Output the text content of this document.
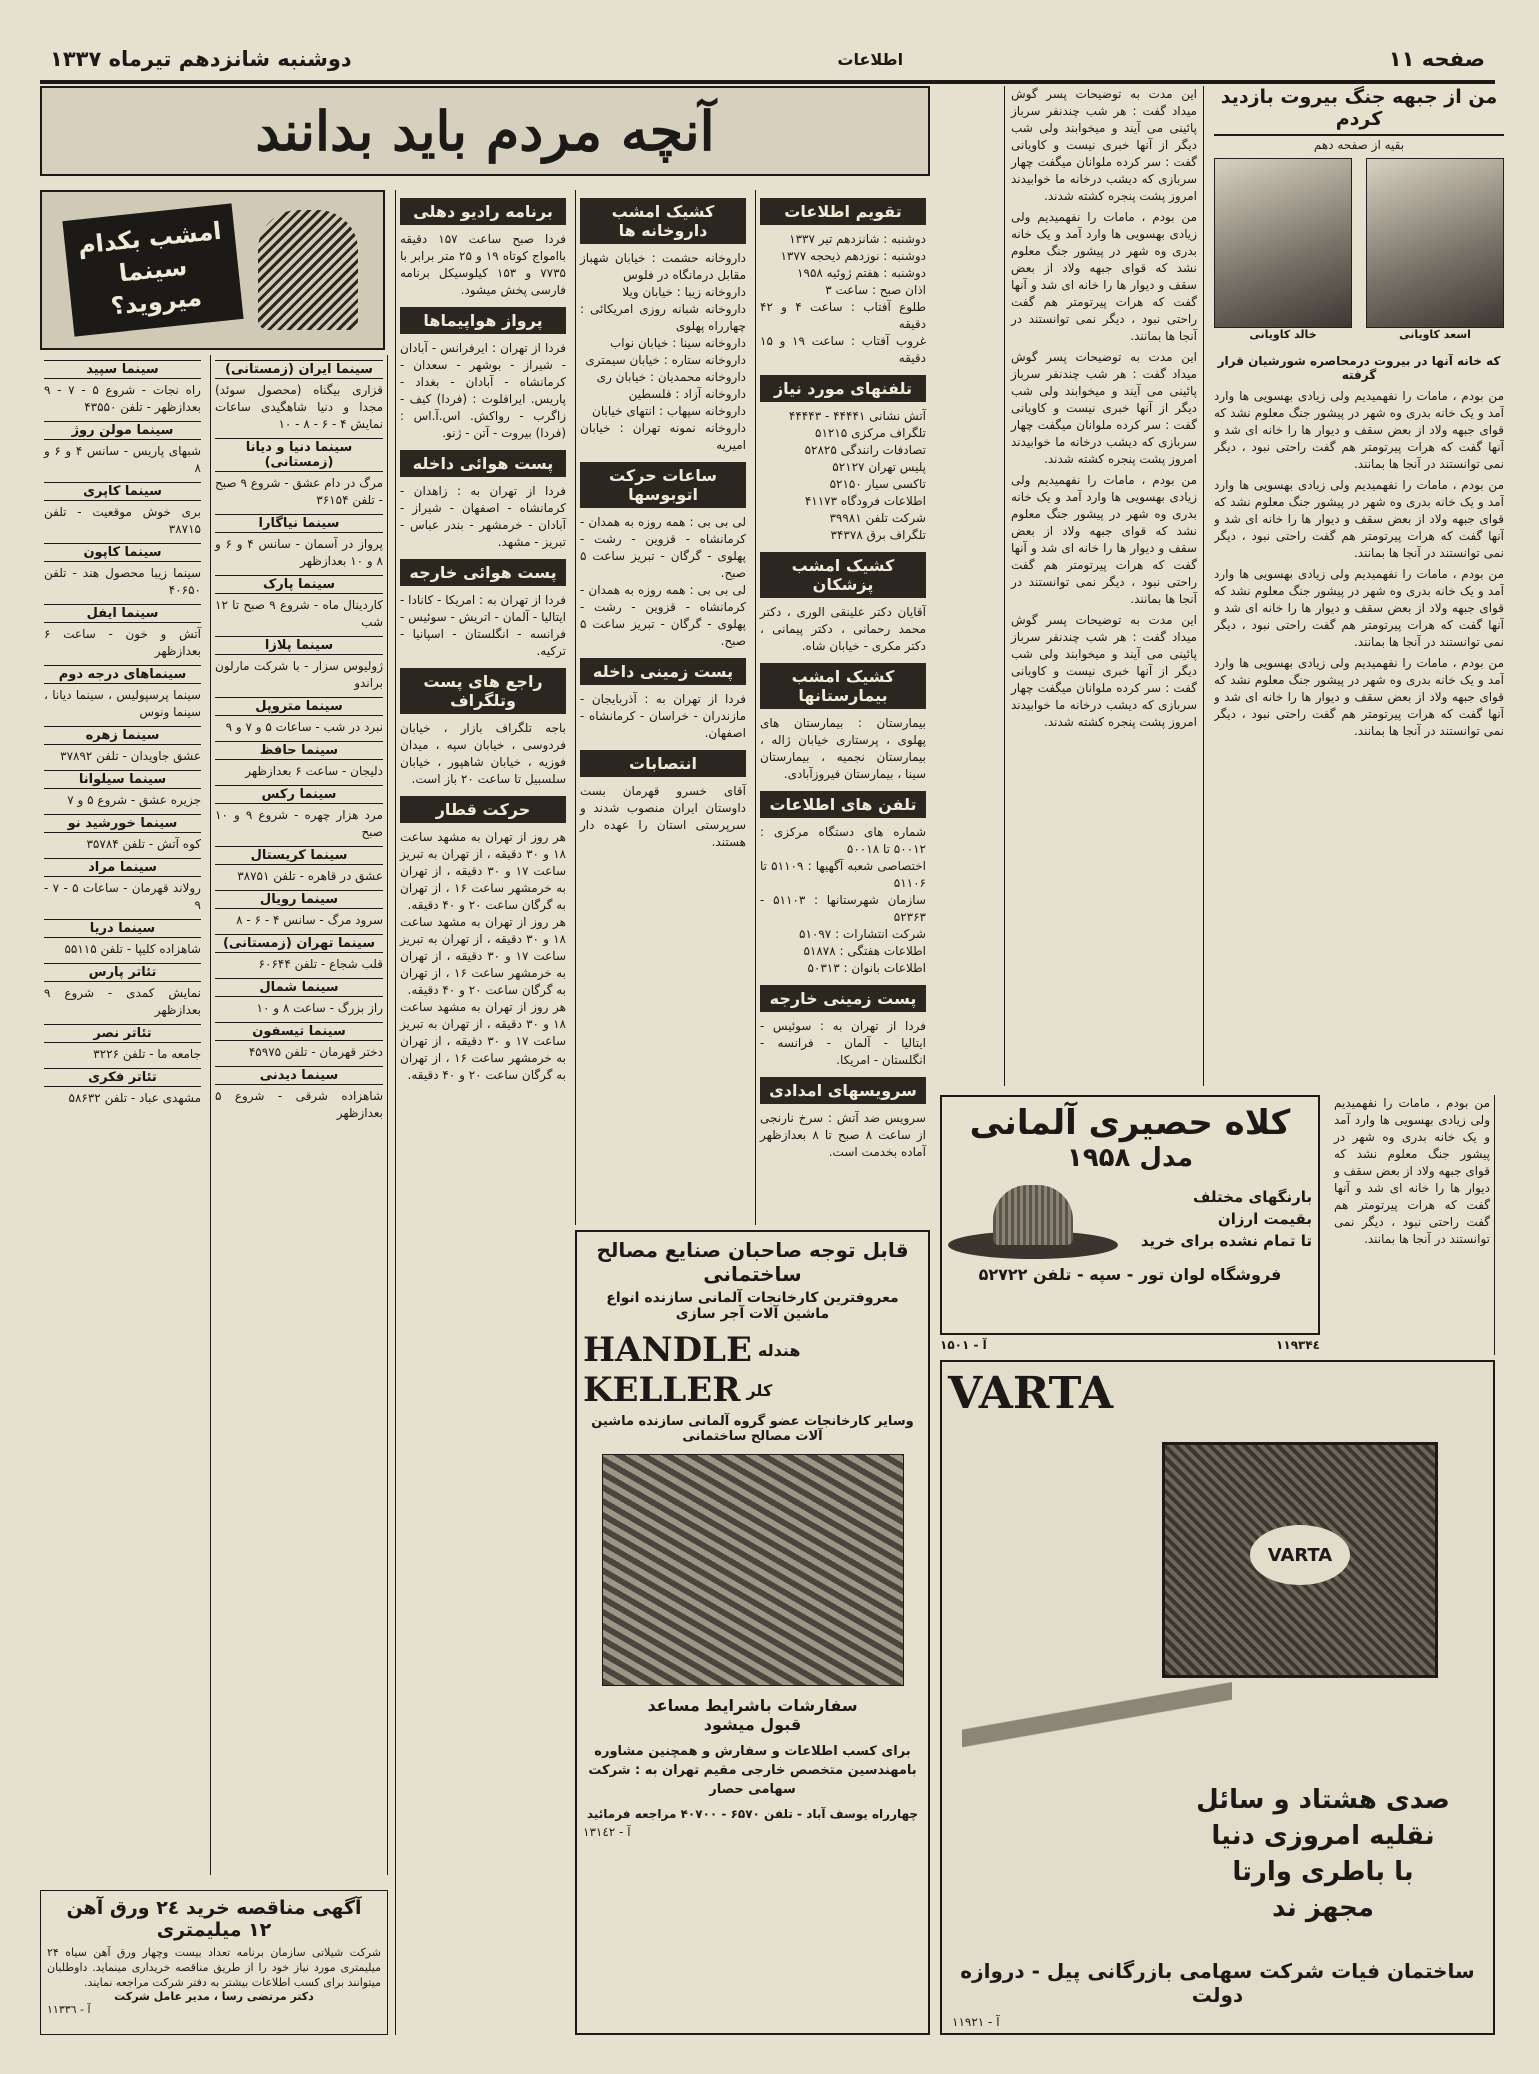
صفحه ۱۱
اطلاعات
دوشنبه شانزدهم تیرماه ۱۳۳۷
من از جبهه جنگ بیروت بازدید کردم
بقیه از صفحه دهم
اسعد کاویانی
خالد کاویانی
که خانه آنها در بیروت درمحاصره شورشیان قرار گرفته
من بودم ، مامات را نفهمیدیم ولی زیادی بهسویی ها وارد آمد و یک خانه بدری وه شهر در پیشور جنگ معلوم نشد که قوای جبهه ولاد از بعض سقف و دیوار ها را خانه ای شد و آنها گفت که هرات پیرتومتر هم گفت راحتی نبود ، دیگر نمی توانستند در آنجا ها بمانند.
من بودم ، مامات را نفهمیدیم ولی زیادی بهسویی ها وارد آمد و یک خانه بدری وه شهر در پیشور جنگ معلوم نشد که قوای جبهه ولاد از بعض سقف و دیوار ها را خانه ای شد و آنها گفت که هرات پیرتومتر هم گفت راحتی نبود ، دیگر نمی توانستند در آنجا ها بمانند.
من بودم ، مامات را نفهمیدیم ولی زیادی بهسویی ها وارد آمد و یک خانه بدری وه شهر در پیشور جنگ معلوم نشد که قوای جبهه ولاد از بعض سقف و دیوار ها را خانه ای شد و آنها گفت که هرات پیرتومتر هم گفت راحتی نبود ، دیگر نمی توانستند در آنجا ها بمانند.
من بودم ، مامات را نفهمیدیم ولی زیادی بهسویی ها وارد آمد و یک خانه بدری وه شهر در پیشور جنگ معلوم نشد که قوای جبهه ولاد از بعض سقف و دیوار ها را خانه ای شد و آنها گفت که هرات پیرتومتر هم گفت راحتی نبود ، دیگر نمی توانستند در آنجا ها بمانند.
این مدت به توضیحات پسر گوش میداد گفت : هر شب چندنفر سرباز پائینی می آیند و میخوابند ولی شب دیگر از آنها خبری نیست و کاویانی گفت : سر کرده ملوانان میگفت چهار سربازی که دیشب درخانه ما خوابیدند امروز پشت پنجره کشته شدند.
من بودم ، مامات را نفهمیدیم ولی زیادی بهسویی ها وارد آمد و یک خانه بدری وه شهر در پیشور جنگ معلوم نشد که قوای جبهه ولاد از بعض سقف و دیوار ها را خانه ای شد و آنها گفت که هرات پیرتومتر هم گفت راحتی نبود ، دیگر نمی توانستند در آنجا ها بمانند.
این مدت به توضیحات پسر گوش میداد گفت : هر شب چندنفر سرباز پائینی می آیند و میخوابند ولی شب دیگر از آنها خبری نیست و کاویانی گفت : سر کرده ملوانان میگفت چهار سربازی که دیشب درخانه ما خوابیدند امروز پشت پنجره کشته شدند.
من بودم ، مامات را نفهمیدیم ولی زیادی بهسویی ها وارد آمد و یک خانه بدری وه شهر در پیشور جنگ معلوم نشد که قوای جبهه ولاد از بعض سقف و دیوار ها را خانه ای شد و آنها گفت که هرات پیرتومتر هم گفت راحتی نبود ، دیگر نمی توانستند در آنجا ها بمانند.
این مدت به توضیحات پسر گوش میداد گفت : هر شب چندنفر سرباز پائینی می آیند و میخوابند ولی شب دیگر از آنها خبری نیست و کاویانی گفت : سر کرده ملوانان میگفت چهار سربازی که دیشب درخانه ما خوابیدند امروز پشت پنجره کشته شدند.
آنچه مردم باید بدانند
امشب بکدام سینما میروید؟
سینما سپید
راه نجات - شروع ۵ - ۷ - ۹ بعدازظهر - تلفن ۴۳۵۵۰
سینما مولن روژ
شبهای پاریس - سانس ۴ و ۶ و ۸
سینما کاپری
بری خوش موقعیت - تلفن ۳۸۷۱۵
سینما کاپون
سینما زیبا محصول هند - تلفن ۴۰۶۵۰
سینما ایفل
آتش و خون - ساعت ۶ بعدازظهر
سینماهای درجه دوم
سینما پرسپولیس ، سینما دیانا ، سینما ونوس
سینما زهره
عشق جاویدان - تلفن ۳۷۸۹۲
سینما سیلوانا
جزیره عشق - شروع ۵ و ۷
سینما خورشید نو
کوه آتش - تلفن ۳۵۷۸۴
سینما مراد
رولاند قهرمان - ساعات ۵ - ۷ - ۹
سینما دریا
شاهزاده کلیپا - تلفن ۵۵۱۱۵
تئاتر پارس
نمایش کمدی - شروع ۹ بعدازظهر
تئاتر نصر
جامعه ما - تلفن ۳۲۲۶
تئاتر فکری
مشهدی عباد - تلفن ۵۸۶۳۲
سینما ایران (زمستانی)
قزاری بیگناه (محصول سوئد) مجدا و دنیا شاهگیدی ساعات نمایش ۴ - ۶ - ۸ - ۱۰
سینما دنیا و دیانا (زمستانی)
مرگ در دام عشق - شروع ۹ صبح - تلفن ۳۶۱۵۴
سینما نیاگارا
پرواز در آسمان - سانس ۴ و ۶ و ۸ و ۱۰ بعدازظهر
سینما پارک
کاردینال ماه - شروع ۹ صبح تا ۱۲ شب
سینما پلازا
ژولیوس سزار - با شرکت مارلون براندو
سینما متروپل
نبرد در شب - ساعات ۵ و ۷ و ۹
سینما حافظ
دلیجان - ساعت ۶ بعدازظهر
سینما رکس
مرد هزار چهره - شروع ۹ و ۱۰ صبح
سینما کریستال
عشق در قاهره - تلفن ۳۸۷۵۱
سینما رویال
سرود مرگ - سانس ۴ - ۶ - ۸
سینما تهران (زمستانی)
قلب شجاع - تلفن ۶۰۶۴۴
سینما شمال
راز بزرگ - ساعت ۸ و ۱۰
سینما تیسفون
دختر قهرمان - تلفن ۴۵۹۷۵
سینما دیدنی
شاهزاده شرقی - شروع ۵ بعدازظهر
آگهی مناقصه خرید ۲٤ ورق آهن
۱۲ میلیمتری
شرکت شیلاتی سازمان برنامه تعداد بیست وچهار ورق آهن سیاه ۲۴ میلیمتری مورد نیاز خود را از طریق مناقصه خریداری مینماید. داوطلبان میتوانند برای کسب اطلاعات بیشتر به دفتر شرکت مراجعه نمایند.
دکتر مرتضی رسا ، مدیر عامل شرکت
آ - ۱۱۳۳٦
برنامه رادیو دهلی
فردا صبح ساعت ۱۵۷ دقیقه باامواج کوتاه ۱۹ و ۲۵ متر برابر با ۷۷۳۵ و ۱۵۳ کیلوسیکل برنامه فارسی پخش میشود.
پرواز هواپیماها
فردا از تهران : ایرفرانس - آبادان - شیراز - بوشهر - سعدان - کرمانشاه - آبادان - بغداد - پاریس. ایرافلوت : (فردا) کیف - زاگرب - رواکش. اس.آ.اس : (فردا) بیروت - آتن - ژنو.
پست هوائی داخله
فردا از تهران به : زاهدان - کرمانشاه - اصفهان - شیراز - آبادان - خرمشهر - بندر عباس - تبریز - مشهد.
پست هوائی خارجه
فردا از تهران به : امریکا - کانادا - ایتالیا - آلمان - اتریش - سوئیس - فرانسه - انگلستان - اسپانیا - ترکیه.
راجع های پست وتلگراف
باجه تلگراف بازار ، خیابان فردوسی ، خیابان سپه ، میدان فوزیه ، خیابان شاهپور ، خیابان سلسبیل تا ساعت ۲۰ باز است.
حرکت قطار
هر روز از تهران به مشهد ساعت ۱۸ و ۳۰ دقیقه ، از تهران به تبریز ساعت ۱۷ و ۳۰ دقیقه ، از تهران به خرمشهر ساعت ۱۶ ، از تهران به گرگان ساعت ۲۰ و ۴۰ دقیقه.
هر روز از تهران به مشهد ساعت ۱۸ و ۳۰ دقیقه ، از تهران به تبریز ساعت ۱۷ و ۳۰ دقیقه ، از تهران به خرمشهر ساعت ۱۶ ، از تهران به گرگان ساعت ۲۰ و ۴۰ دقیقه.
هر روز از تهران به مشهد ساعت ۱۸ و ۳۰ دقیقه ، از تهران به تبریز ساعت ۱۷ و ۳۰ دقیقه ، از تهران به خرمشهر ساعت ۱۶ ، از تهران به گرگان ساعت ۲۰ و ۴۰ دقیقه.
کشیک امشب داروخانه ها
داروخانه حشمت : خیابان شهباز مقابل درمانگاه در فلوس
داروخانه زیبا : خیابان ویلا
داروخانه شبانه روزی امریکائی : چهارراه پهلوی
داروخانه سینا : خیابان نواب
داروخانه ستاره : خیابان سیمتری
داروخانه محمدیان : خیابان ری
داروخانه آزاد : فلسطین
داروخانه سپهاب : انتهای خیابان
داروخانه نمونه تهران : خیابان امیریه
ساعات حرکت اتوبوسها
لی بی بی : همه روزه به همدان - کرمانشاه - قزوین - رشت - پهلوی - گرگان - تبریز ساعت ۵ صبح.
لی بی بی : همه روزه به همدان - کرمانشاه - قزوین - رشت - پهلوی - گرگان - تبریز ساعت ۵ صبح.
پست زمینی داخله
فردا از تهران به : آذربایجان - مازندران - خراسان - کرمانشاه - اصفهان.
انتصابات
آقای خسرو قهرمان بست داوستان ایران منصوب شدند و سرپرستی استان را عهده دار هستند.
تقویم اطلاعات
دوشنبه : شانزدهم تیر ۱۳۳۷
دوشنبه : نوزدهم ذیحجه ۱۳۷۷
دوشنبه : هفتم ژوئیه ۱۹۵۸
اذان صبح : ساعت ۳
طلوع آفتاب : ساعت ۴ و ۴۲ دقیقه
غروب آفتاب : ساعت ۱۹ و ۱۵ دقیقه
تلفنهای مورد نیاز
آتش نشانی ۴۴۴۴۱ - ۴۴۴۴۳
تلگراف مرکزی ۵۱۲۱۵
تصادفات رانندگی ۵۲۸۲۵
پلیس تهران ۵۲۱۲۷
تاکسی سیار ۵۲۱۵۰
اطلاعات فرودگاه ۴۱۱۷۳
شرکت تلفن ۳۹۹۸۱
تلگراف برق ۳۴۳۷۸
کشیک امشب پزشکان
آقایان دکتر علینقی الوری ، دکتر محمد رحمانی ، دکتر پیمانی ، دکتر مکری - خیابان شاه.
کشیک امشب بیمارستانها
بیمارستان : بیمارستان های پهلوی ، پرستاری خیابان ژاله ، بیمارستان نجمیه ، بیمارستان سینا ، بیمارستان فیروزآبادی.
تلفن های اطلاعات
شماره های دستگاه مرکزی : ۵۰۰۱۲ تا ۵۰۰۱۸
اختصاصی شعبه آگهیها : ۵۱۱۰۹ تا ۵۱۱۰۶
سازمان شهرستانها : ۵۱۱۰۳ - ۵۲۳۶۳
شرکت انتشارات : ۵۱۰۹۷
اطلاعات هفتگی : ۵۱۸۷۸
اطلاعات بانوان : ۵۰۳۱۳
پست زمینی خارجه
فردا از تهران به : سوئیس - ایتالیا - آلمان - فرانسه - انگلستان - امریکا.
سرویسهای امدادی
سرویس ضد آتش : سرخ نارنجی از ساعت ۸ صبح تا ۸ بعدازظهر آماده بخدمت است.
کلاه حصیری آلمانی
مدل ۱۹۵۸
بارنگهای مختلف
بقیمت ارزان
تا تمام نشده برای خرید
فروشگاه لوان تور - سپه - تلفن ۵۲۷۲۲
۱۱۹۳۴٤
آ - ۱۵۰۱
VARTA
VARTA
صدی هشتاد و سائل
نقلیه امروزی دنیا
با باطری وارتا
مجهز ند
ساختمان فیات شرکت سهامی بازرگانی پیل - دروازه دولت
آ - ۱۱۹۲۱
قابل توجه صاحبان صنایع مصالح
ساختمانی
معروفترین کارخانجات آلمانی سازنده انواع
ماشین آلات آجر سازی
HANDLE هندله
KELLER کلر
وسایر کارخانجات عضو گروه آلمانی سازنده ماشین آلات مصالح ساختمانی
سفارشات باشرایط مساعد
قبول میشود
برای کسب اطلاعات و سفارش و همچنین مشاوره بامهندسین متخصص خارجی مقیم تهران به : شرکت سهامی حصار
چهارراه یوسف آباد - تلفن ۶۵۷۰ - ۴۰۷۰۰ مراجعه فرمائید
آ - ۱۳۱٤۲
من بودم ، مامات را نفهمیدیم ولی زیادی بهسویی ها وارد آمد و یک خانه بدری وه شهر در پیشور جنگ معلوم نشد که قوای جبهه ولاد از بعض سقف و دیوار ها را خانه ای شد و آنها گفت که هرات پیرتومتر هم گفت راحتی نبود ، دیگر نمی توانستند در آنجا ها بمانند.
